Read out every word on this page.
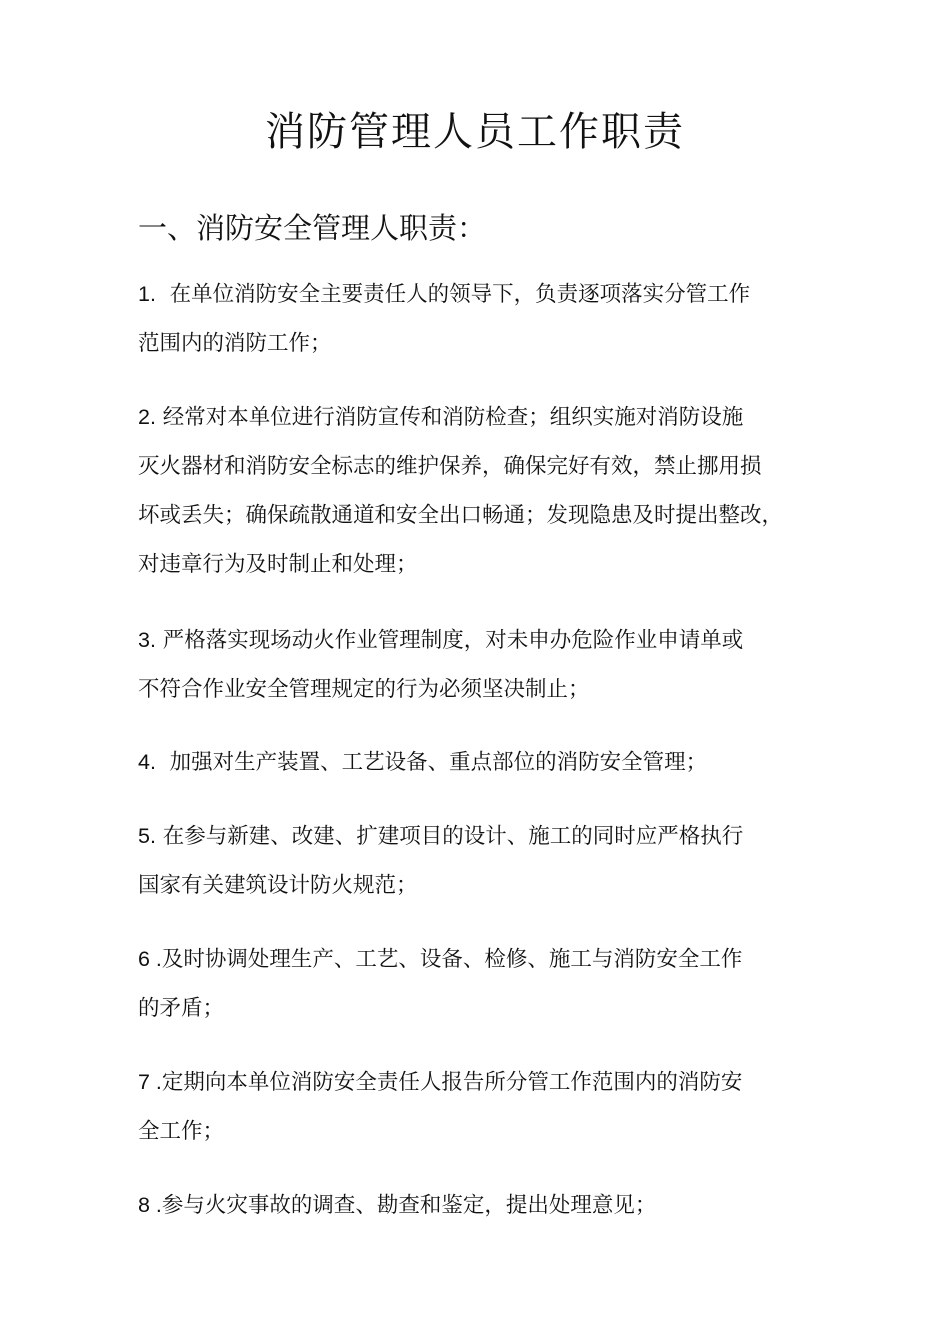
消防管理人员工作职责
一、消防安全管理人职责：

1. 在单位消防安全主要责任人的领导下，负责逐项落实分管工作
范围内的消防工作；

2. 经常对本单位进行消防宣传和消防检查；组织实施对消防设施
灭火器材和消防安全标志的维护保养，确保完好有效，禁止挪用损
坏或丢失；确保疏散通道和安全出口畅通；发现隐患及时提出整改，
对违章行为及时制止和处理；

3. 严格落实现场动火作业管理制度，对未申办危险作业申请单或
不符合作业安全管理规定的行为必须坚决制止；

4. 加强对生产装置、工艺设备、重点部位的消防安全管理；

5. 在参与新建、改建、扩建项目的设计、施工的同时应严格执行
国家有关建筑设计防火规范；

6 .及时协调处理生产、工艺、设备、检修、施工与消防安全工作
的矛盾；

7 .定期向本单位消防安全责任人报告所分管工作范围内的消防安
全工作；

8 .参与火灾事故的调查、勘查和鉴定，提出处理意见；
